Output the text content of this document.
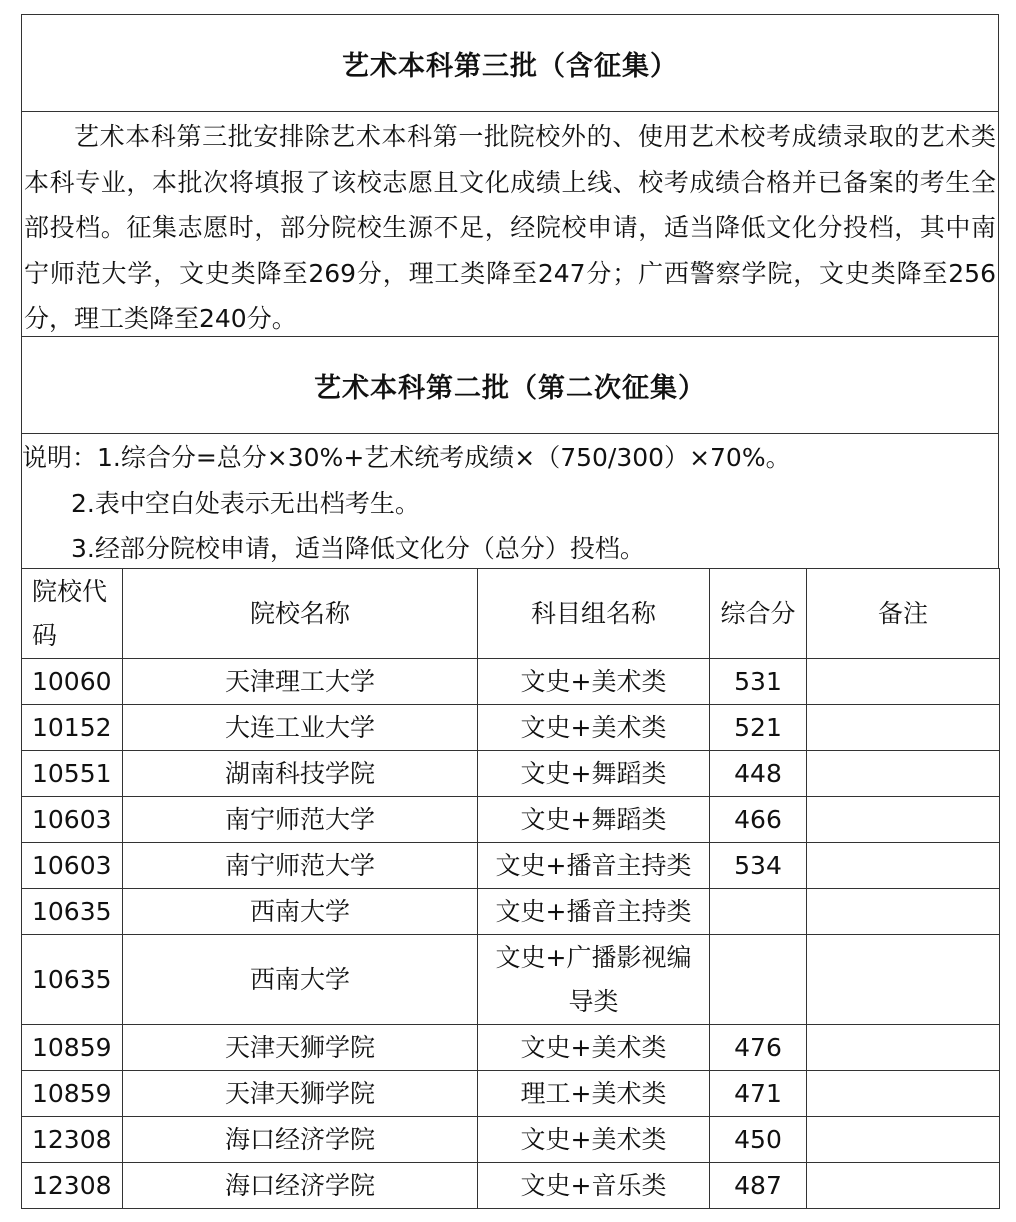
艺术本科第三批（含征集）
艺术本科第三批安排除艺术本科第一批院校外的、使用艺术校考成绩录取的艺术类本科专业，本批次将填报了该校志愿且文化成绩上线、校考成绩合格并已备案的考生全部投档。征集志愿时，部分院校生源不足，经院校申请，适当降低文化分投档，其中南宁师范大学，文史类降至269分，理工类降至247分；广西警察学院，文史类降至256分，理工类降至240分。
艺术本科第二批（第二次征集）
说明：1.综合分=总分×30%+艺术统考成绩×（750/300）×70%。
2.表中空白处表示无出档考生。
3.经部分院校申请，适当降低文化分（总分）投档。
院校代码	院校名称	科目组名称	综合分	备注
10060	天津理工大学	文史+美术类	531	
10152	大连工业大学	文史+美术类	521	
10551	湖南科技学院	文史+舞蹈类	448	
10603	南宁师范大学	文史+舞蹈类	466	
10603	南宁师范大学	文史+播音主持类	534	
10635	西南大学	文史+播音主持类		
10635	西南大学	文史+广播影视编导类		
10859	天津天狮学院	文史+美术类	476	
10859	天津天狮学院	理工+美术类	471	
12308	海口经济学院	文史+美术类	450	
12308	海口经济学院	文史+音乐类	487	
